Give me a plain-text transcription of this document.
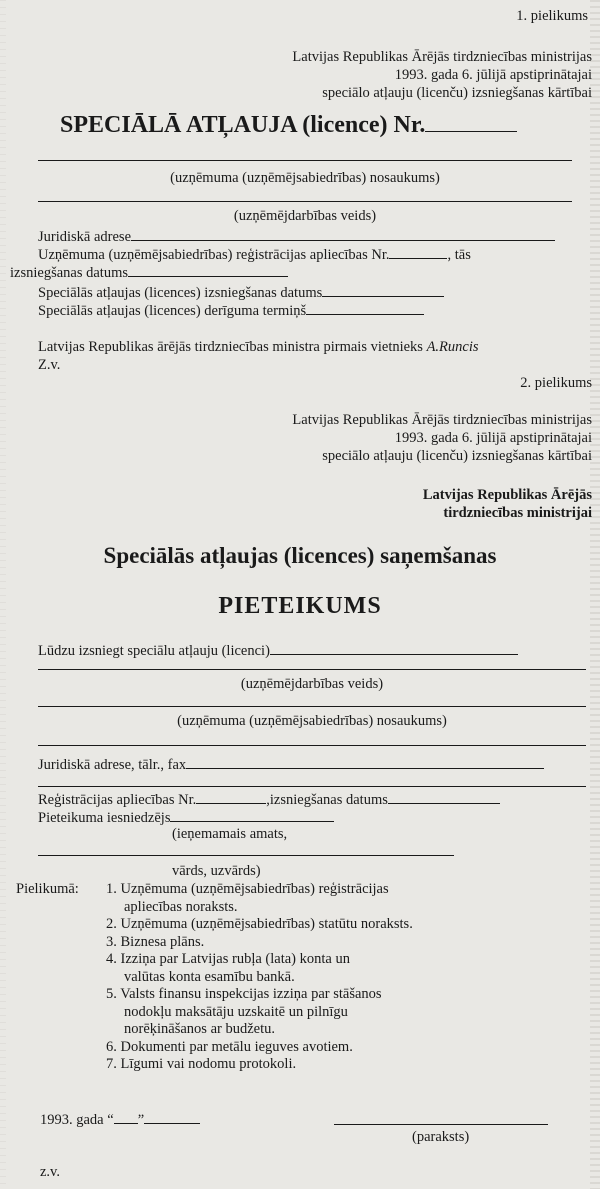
1. pielikums
Latvijas Republikas Ārējās tirdzniecības ministrijas
1993. gada 6. jūlijā apstiprinātajai
speciālo atļauju (licenču) izsniegšanas kārtībai
SPECIĀLĀ ATĻAUJA (licence) Nr.
(uzņēmuma (uzņēmējsabiedrības) nosaukums)
(uzņēmējdarbības veids)
Juridiskā adrese
Uzņēmuma (uzņēmējsabiedrības) reģistrācijas apliecības Nr.	, tās
izsniegšanas datums
Speciālās atļaujas (licences) izsniegšanas datums
Speciālās atļaujas (licences) derīguma termiņš
Latvijas Republikas ārējās tirdzniecības ministra pirmais vietnieks A.Runcis
Z.v.
2. pielikums
Latvijas Republikas Ārējās tirdzniecības ministrijas
1993. gada 6. jūlijā apstiprinātajai
speciālo atļauju (licenču) izsniegšanas kārtībai
Latvijas Republikas Ārējās
tirdzniecības ministrijai
Speciālās atļaujas (licences) saņemšanas
PIETEIKUMS
Lūdzu izsniegt speciālu atļauju (licenci)
(uzņēmējdarbības veids)
(uzņēmuma (uzņēmējsabiedrības) nosaukums)
Juridiskā adrese, tālr., fax
Reģistrācijas apliecības Nr.	,izsniegšanas datums
Pieteikuma iesniedzējs
(ieņemamais amats,
vārds, uzvārds)
Pielikumā: 1. Uzņēmuma (uzņēmējsabiedrības) reģistrācijas
apliecības noraksts.
2. Uzņēmuma (uzņēmējsabiedrības) statūtu noraksts.
3. Biznesa plāns.
4. Izziņa par Latvijas rubļa (lata) konta un
valūtas konta esamību bankā.
5. Valsts finansu inspekcijas izziņa par stāšanos
nodokļu maksātāju uzskaitē un pilnīgu
norēķināšanos ar budžetu.
6. Dokumenti par metālu ieguves avotiem.
7. Līgumi vai nodomu protokoli.
1993. gada “ ”
(paraksts)
z.v.
